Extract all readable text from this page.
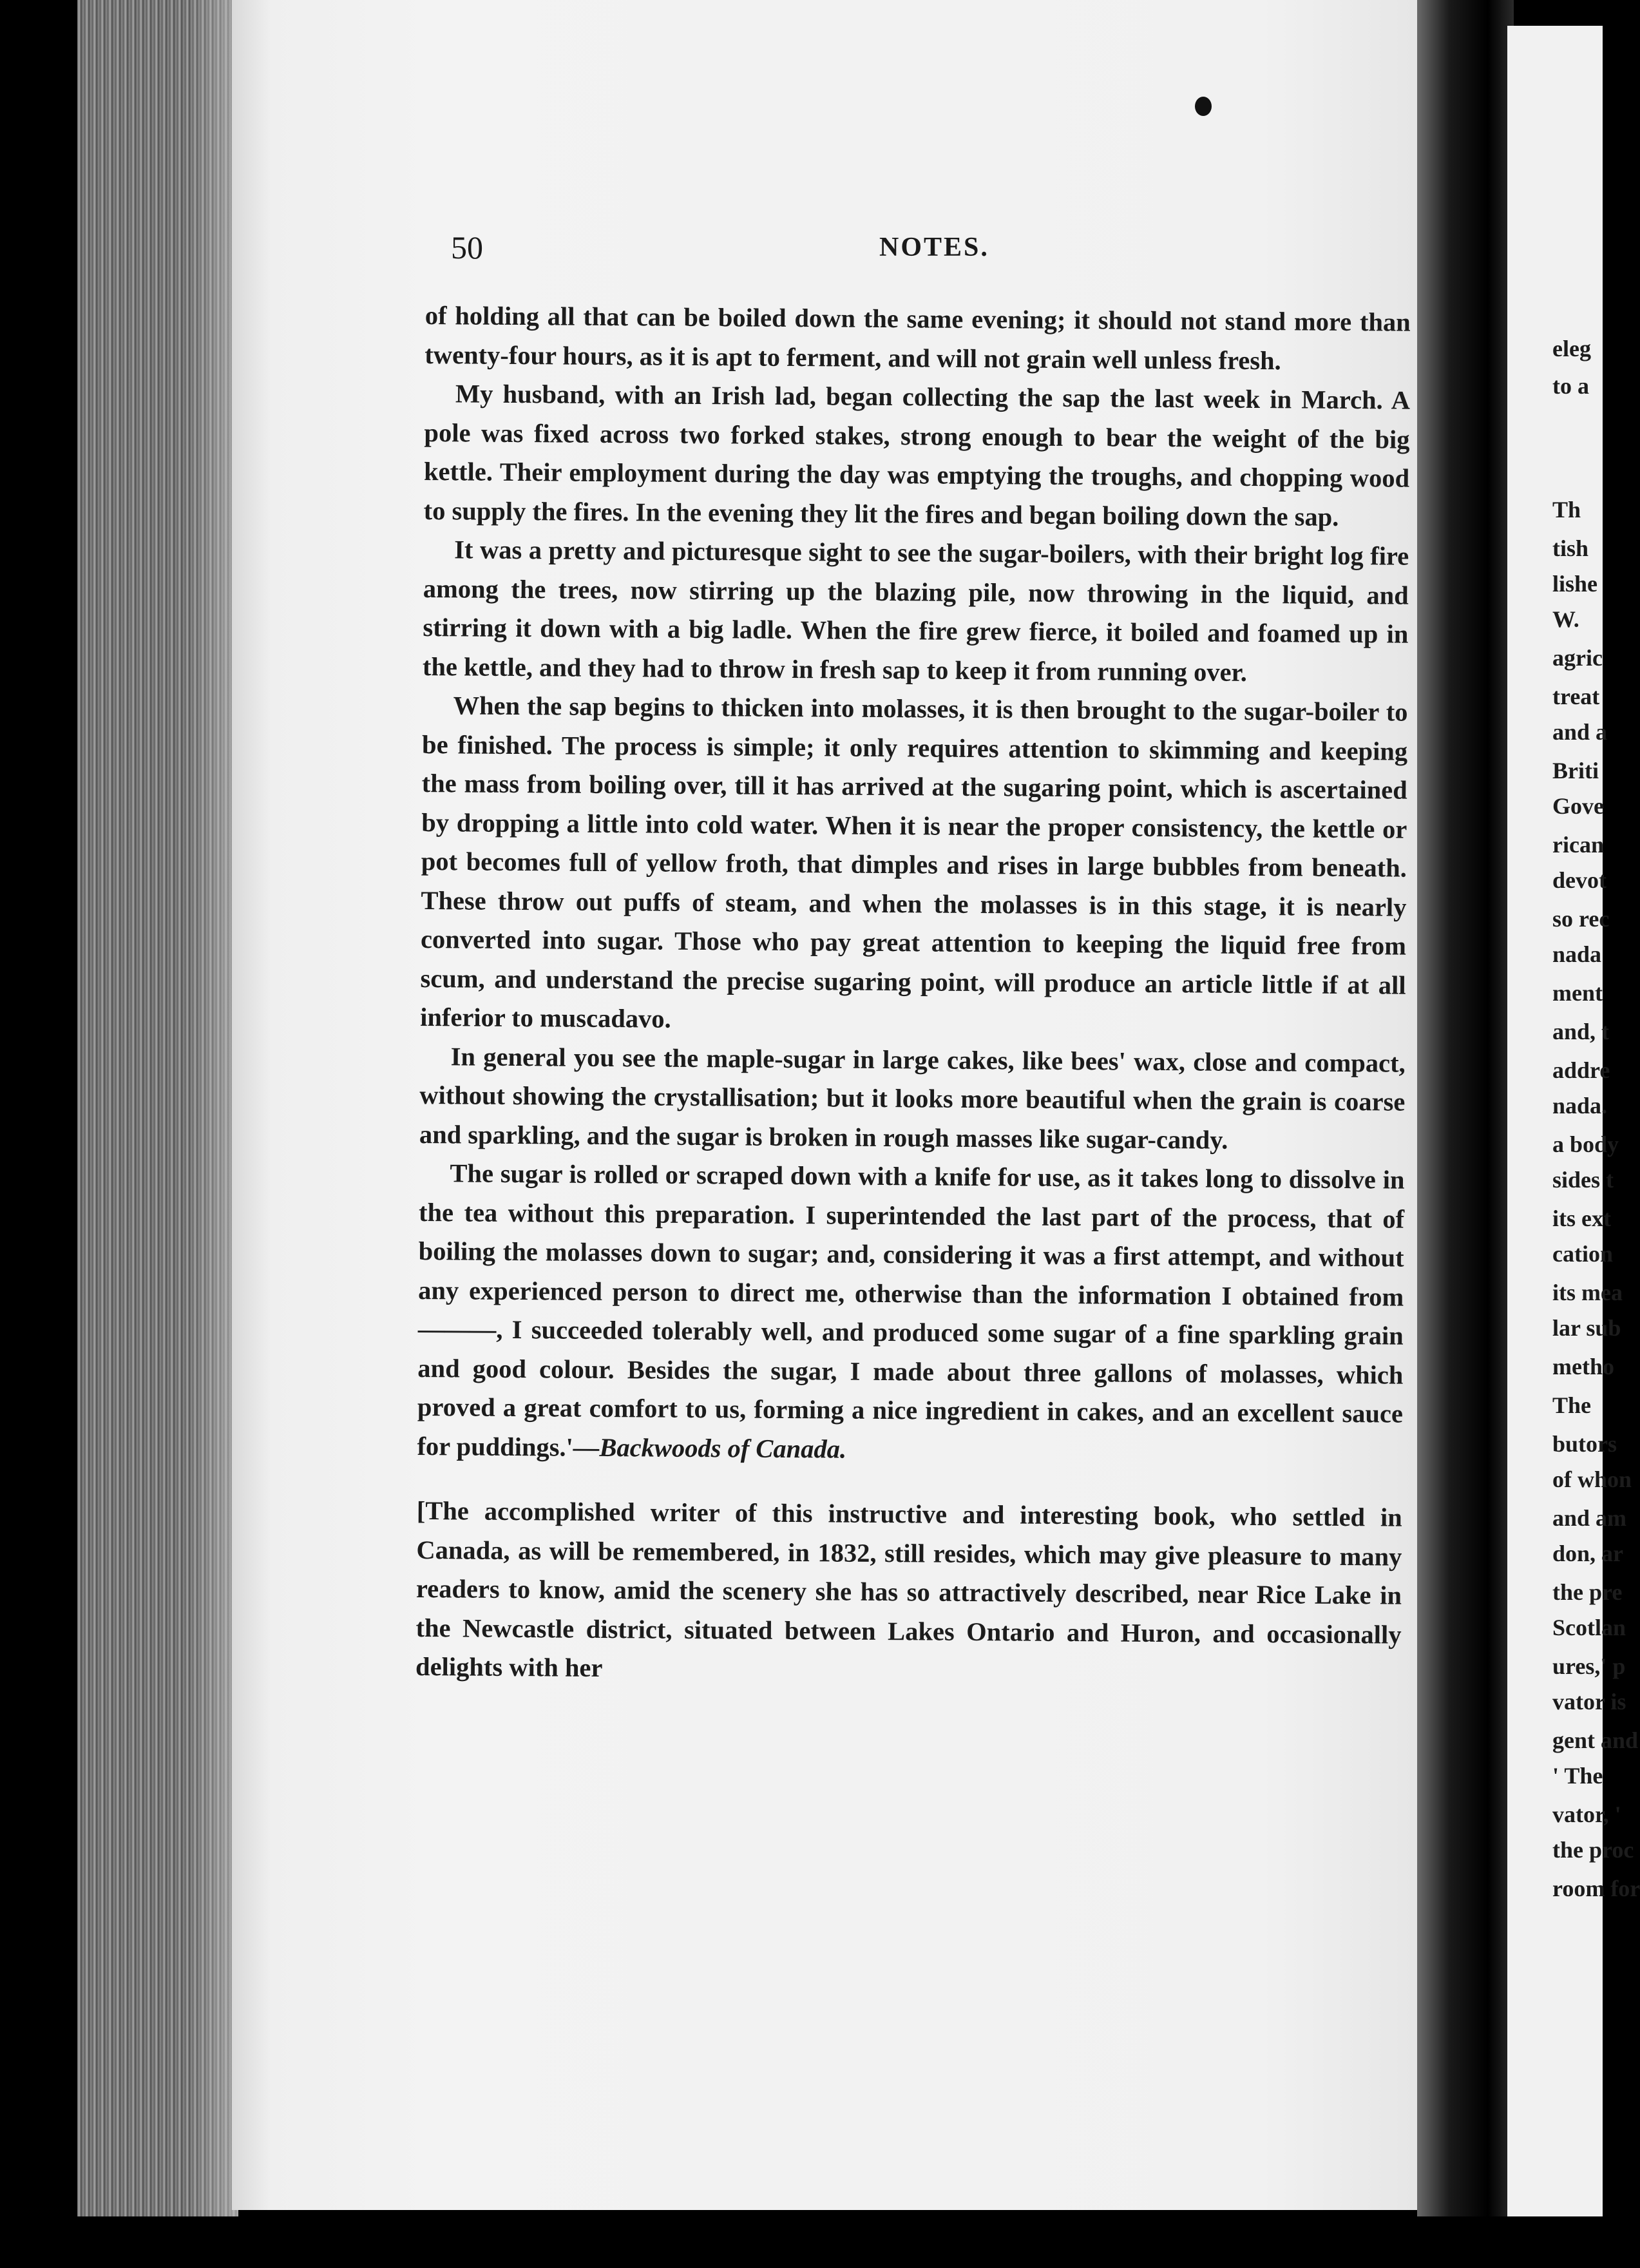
50	NOTES.

of holding all that can be boiled down the same evening; it should not stand more than twenty-four hours, as it is apt to ferment, and will not grain well unless fresh.

My husband, with an Irish lad, began collecting the sap the last week in March. A pole was fixed across two forked stakes, strong enough to bear the weight of the big kettle. Their employment during the day was emptying the troughs, and chopping wood to supply the fires. In the evening they lit the fires and began boiling down the sap.

It was a pretty and picturesque sight to see the sugar-boilers, with their bright log fire among the trees, now stirring up the blazing pile, now throwing in the liquid, and stirring it down with a big ladle. When the fire grew fierce, it boiled and foamed up in the kettle, and they had to throw in fresh sap to keep it from running over.

When the sap begins to thicken into molasses, it is then brought to the sugar-boiler to be finished. The process is simple; it only requires attention to skimming and keeping the mass from boiling over, till it has arrived at the sugaring point, which is ascertained by dropping a little into cold water. When it is near the proper consistency, the kettle or pot becomes full of yellow froth, that dimples and rises in large bubbles from beneath. These throw out puffs of steam, and when the molasses is in this stage, it is nearly converted into sugar. Those who pay great attention to keeping the liquid free from scum, and understand the precise sugaring point, will produce an article little if at all inferior to muscadavo.

In general you see the maple-sugar in large cakes, like bees' wax, close and compact, without showing the crystallisation; but it looks more beautiful when the grain is coarse and sparkling, and the sugar is broken in rough masses like sugar-candy.

The sugar is rolled or scraped down with a knife for use, as it takes long to dissolve in the tea without this preparation. I superintended the last part of the process, that of boiling the molasses down to sugar; and, considering it was a first attempt, and without any experienced person to direct me, otherwise than the information I obtained from ———, I succeeded tolerably well, and produced some sugar of a fine sparkling grain and good colour. Besides the sugar, I made about three gallons of molasses, which proved a great comfort to us, forming a nice ingredient in cakes, and an excellent sauce for puddings.'—Backwoods of Canada.

[The accomplished writer of this instructive and interesting book, who settled in Canada, as will be remembered, in 1832, still resides, which may give pleasure to many readers to know, amid the scenery she has so attractively described, near Rice Lake in the Newcastle district, situated between Lakes Ontario and Huron, and occasionally delights with her

eleg
to a
Th
tish
lishe
W.
agric
treat
and a
Briti
Gove
rican
devot
so rec
nada
ment
and, t
addre
nada.
a body
sides t
its ext
cation
its mea
lar sub
metho
The
butors
of whon
and am
don, ar
the pre
Scotlan
ures,' p
vator is
gent and
' The
vator, '
the proc
room for
